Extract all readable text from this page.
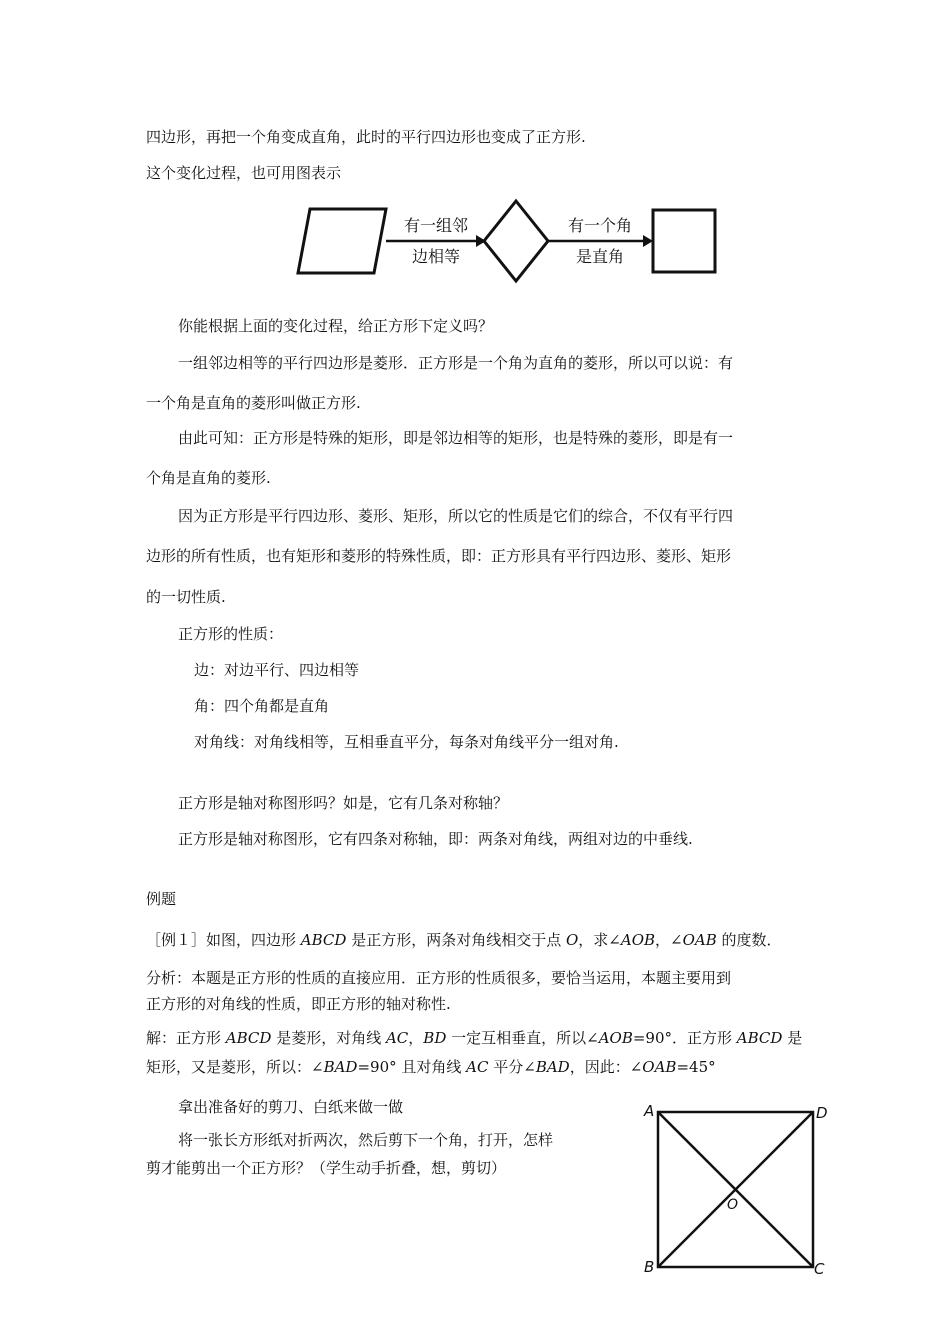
四边形，再把一个角变成直角，此时的平行四边形也变成了正方形.
这个变化过程，也可用图表示
有一组邻
边相等
有一个角
是直角
你能根据上面的变化过程，给正方形下定义吗？
一组邻边相等的平行四边形是菱形．正方形是一个角为直角的菱形，所以可以说：有
一个角是直角的菱形叫做正方形.
由此可知：正方形是特殊的矩形，即是邻边相等的矩形，也是特殊的菱形，即是有一
个角是直角的菱形.
因为正方形是平行四边形、菱形、矩形，所以它的性质是它们的综合，不仅有平行四
边形的所有性质，也有矩形和菱形的特殊性质，即：正方形具有平行四边形、菱形、矩形
的一切性质.
正方形的性质：
边：对边平行、四边相等
角：四个角都是直角
对角线：对角线相等，互相垂直平分，每条对角线平分一组对角.
正方形是轴对称图形吗？如是，它有几条对称轴？
正方形是轴对称图形，它有四条对称轴，即：两条对角线，两组对边的中垂线.
例题
［例１］如图，四边形 ABCD 是正方形，两条对角线相交于点 O，求∠AOB，∠OAB 的度数．
分析：本题是正方形的性质的直接应用．正方形的性质很多，要恰当运用，本题主要用到
正方形的对角线的性质，即正方形的轴对称性.
解：正方形 ABCD 是菱形，对角线 AC，BD 一定互相垂直，所以∠AOB=90°．正方形 ABCD 是
矩形，又是菱形，所以：∠BAD=90° 且对角线 AC 平分∠BAD，因此：∠OAB=45°
拿出准备好的剪刀、白纸来做一做
将一张长方形纸对折两次，然后剪下一个角，打开，怎样
剪才能剪出一个正方形？（学生动手折叠，想，剪切）
A	D
B	C
O
